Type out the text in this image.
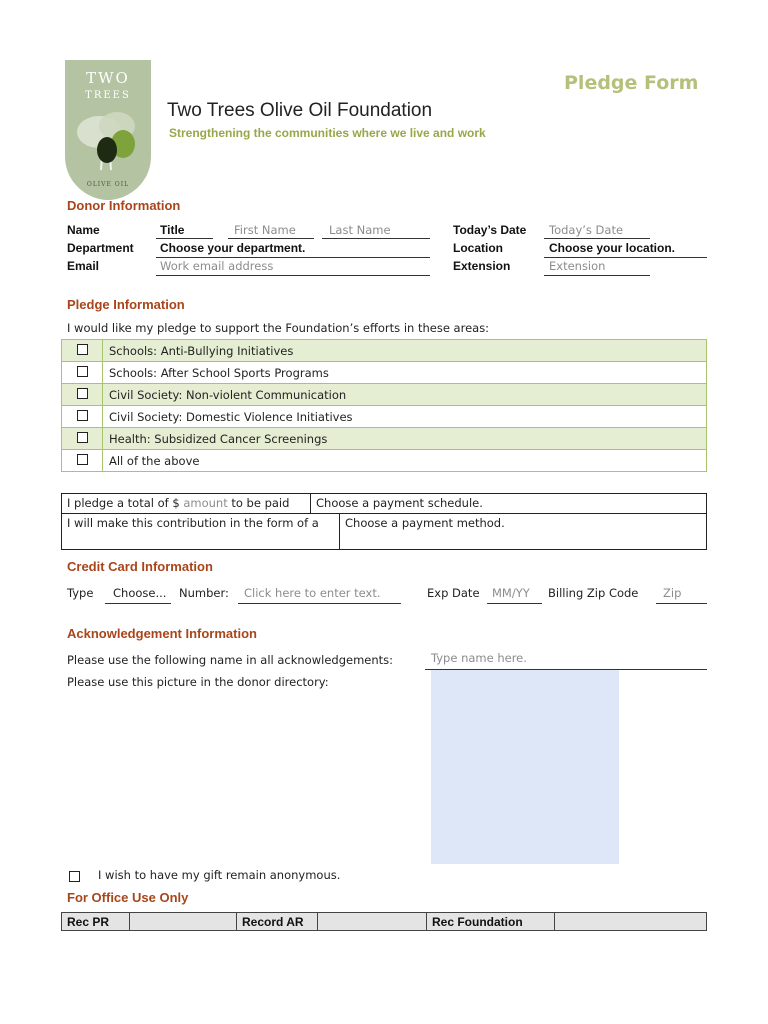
TWO
TREES
OLIVE OIL
Two Trees Olive Oil Foundation
Strengthening the communities where we live and work
Pledge Form
Donor Information
Name	Title	First Name	Last Name	Today’s Date Today’s Date
Department Choose your department.	Location	Choose your location.
Email	Work email address	Extension	Extension
Pledge Information
I would like my pledge to support the Foundation’s efforts in these areas:
	Schools: Anti-Bullying Initiatives
	Schools: After School Sports Programs
	Civil Society: Non-violent Communication
	Civil Society: Domestic Violence Initiatives
	Health: Subsidized Cancer Screenings
	All of the above
I pledge a total of $ amount to be paid	Choose a payment schedule.	
I will make this contribution in the form of a		Choose a payment method.
Credit Card Information
Type Choose... Number: Click here to enter text.	Exp Date MM/YY Billing Zip Code Zip
Acknowledgement Information
Please use the following name in all acknowledgements:	Type name here.
Please use this picture in the donor directory:
I wish to have my gift remain anonymous.
For Office Use Only
Rec PR		Record AR		Rec Foundation	
